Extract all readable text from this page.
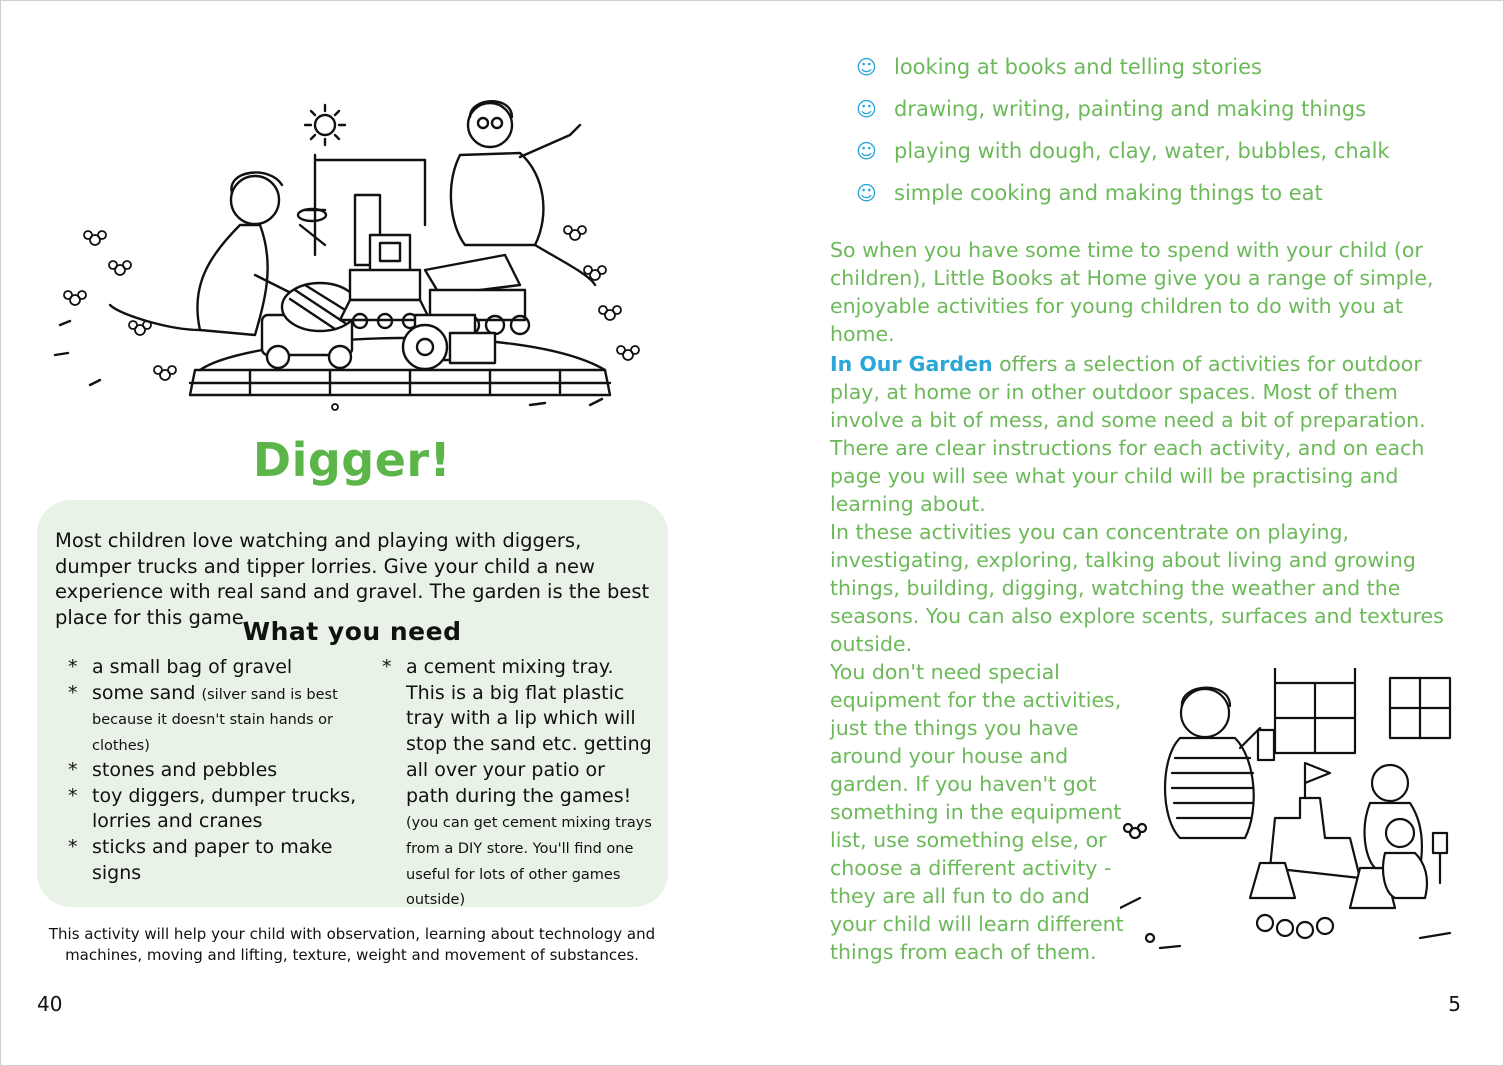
Digger!
Most children love watching and playing with diggers, dumper trucks and tipper lorries. Give your child a new experience with real sand and gravel. The garden is the best place for this game.
What you need
* a small bag of gravel
* some sand (silver sand is best because it doesn't stain hands or clothes)
* stones and pebbles
* toy diggers, dumper trucks, lorries and cranes
* sticks and paper to make signs
* a cement mixing tray. This is a big flat plastic tray with a lip which will stop the sand etc. getting all over your patio or path during the games! (you can get cement mixing trays from a DIY store. You'll find one useful for lots of other games outside)
This activity will help your child with observation, learning about technology and machines, moving and lifting, texture, weight and movement of substances.
40
☺ looking at books and telling stories
☺ drawing, writing, painting and making things
☺ playing with dough, clay, water, bubbles, chalk
☺ simple cooking and making things to eat

So when you have some time to spend with your child (or children), Little Books at Home give you a range of simple, enjoyable activities for young children to do with you at home.

In Our Garden offers a selection of activities for outdoor play, at home or in other outdoor spaces. Most of them involve a bit of mess, and some need a bit of preparation. There are clear instructions for each activity, and on each page you will see what your child will be practising and learning about.

In these activities you can concentrate on playing, investigating, exploring, talking about living and growing things, building, digging, watching the weather and the seasons. You can also explore scents, surfaces and textures outside.

You don't need special equipment for the activities, just the things you have around your house and garden. If you haven't got something in the equipment list, use something else, or choose a different activity - they are all fun to do and your child will learn different things from each of them.

5
